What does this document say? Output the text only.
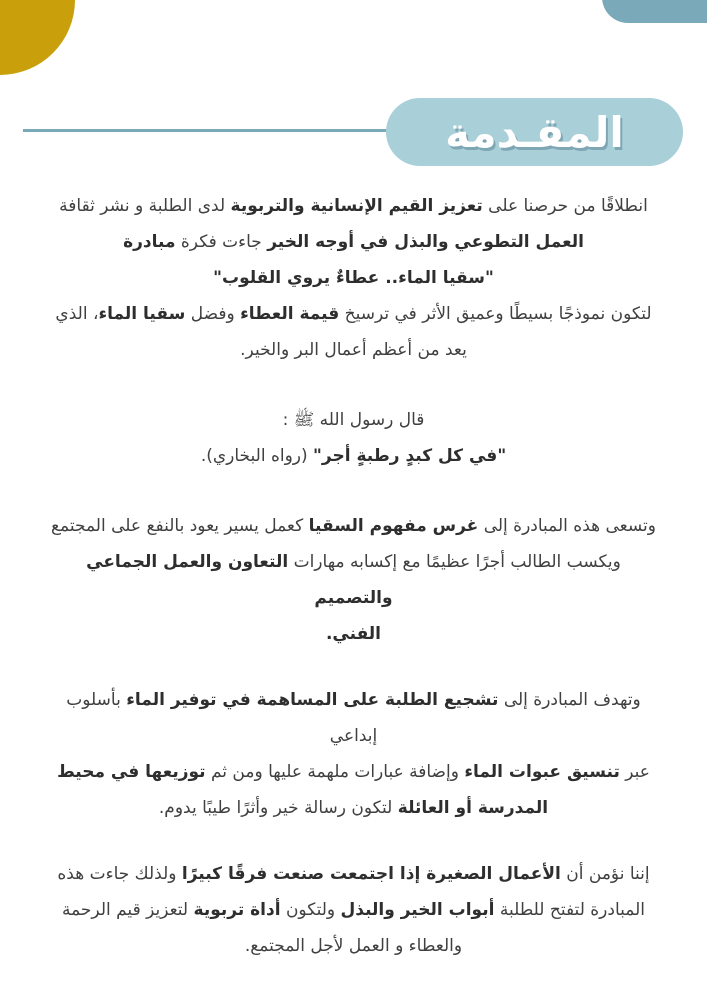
المقـدمة

انطلاقًا من حرصنا على تعزيز القيم الإنسانية والتربوية لدى الطلبة و نشر ثقافة

العمل التطوعي والبذل في أوجه الخير جاءت فكرة مبادرة

"سقيا الماء.. عطاءٌ يروي القلوب"

لتكون نموذجًا بسيطًا وعميق الأثر في ترسيخ قيمة العطاء وفضل سقيا الماء، الذي

يعد من أعظم أعمال البر والخير.

قال رسول الله ﷺ :

"في كل كبدٍ رطبةٍ أجر" (رواه البخاري).

وتسعى هذه المبادرة إلى غرس مفهوم السقيا كعمل يسير يعود بالنفع على المجتمع

ويكسب الطالب أجرًا عظيمًا مع إكسابه مهارات التعاون والعمل الجماعي والتصميم

الفني.

وتهدف المبادرة إلى تشجيع الطلبة على المساهمة في توفير الماء بأسلوب إبداعي

عبر تنسيق عبوات الماء وإضافة عبارات ملهمة عليها ومن ثم توزيعها في محيط

المدرسة أو العائلة لتكون رسالة خير وأثرًا طيبًا يدوم.

إننا نؤمن أن الأعمال الصغيرة إذا اجتمعت صنعت فرقًا كبيرًا ولذلك جاءت هذه

المبادرة لتفتح للطلبة أبواب الخير والبذل ولتكون أداة تربوية لتعزيز قيم الرحمة

والعطاء و العمل لأجل المجتمع.
